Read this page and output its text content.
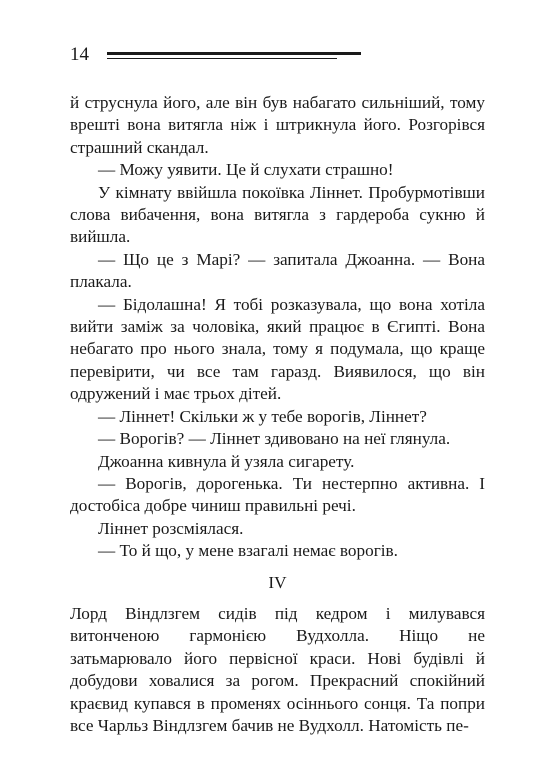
14

й струснула його, але він був набагато сильніший, тому врешті вона витягла ніж і штрикнула його. Розгорівся страшний скандал.

— Можу уявити. Це й слухати страшно!

У кімнату ввійшла покоївка Ліннет. Пробурмотівши слова вибачення, вона витягла з гардероба сукню й вийшла.

— Що це з Марі? — запитала Джоанна. — Вона плакала.

— Бідолашна! Я тобі розказувала, що вона хотіла вийти заміж за чоловіка, який працює в Єгипті. Вона небагато про нього знала, тому я подумала, що краще перевірити, чи все там гаразд. Виявилося, що він одружений і має трьох дітей.

— Ліннет! Скільки ж у тебе ворогів, Ліннет?

— Ворогів? — Ліннет здивовано на неї глянула.

Джоанна кивнула й узяла сигарету.

— Ворогів, дорогенька. Ти нестерпно активна. І достобіса добре чиниш правильні речі.

Ліннет розсміялася.

— То й що, у мене взагалі немає ворогів.

IV

Лорд Віндлзгем сидів під кедром і милувався витонченою гармонією Вудхолла. Ніщо не затьмарювало його первісної краси. Нові будівлі й добудови ховалися за рогом. Прекрасний спокійний краєвид купався в променях осіннього сонця. Та попри все Чарльз Віндлзгем бачив не Вудхолл. Натомість пе-
